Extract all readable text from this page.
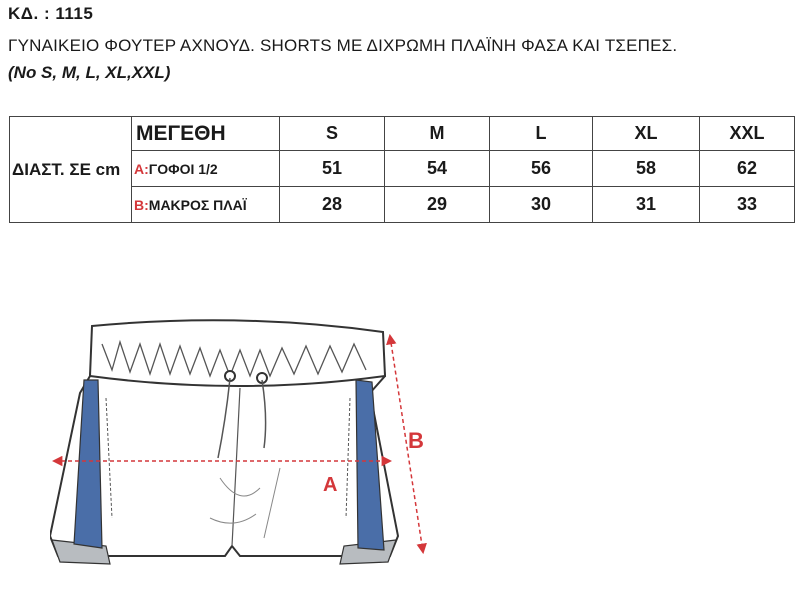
ΚΔ. : 1115
ΓΥΝΑΙΚΕΙΟ ΦΟΥΤΕΡ ΑΧΝΟΥΔ. SHORTS ΜΕ ΔΙΧΡΩΜΗ ΠΛΑΪΝΗ ΦΑΣΑ ΚΑΙ ΤΣΕΠΕΣ.
(No S, M, L, XL,XXL)
ΔΙΑΣΤ. ΣΕ cm	ΜΕΓΕΘΗ	S	M	L	XL	XXL
	A:ΓΟΦΟΙ 1/2	51	54	56	58	62
	B:ΜΑΚΡΟΣ ΠΛΑΪ	28	29	30	31	33
A
B
